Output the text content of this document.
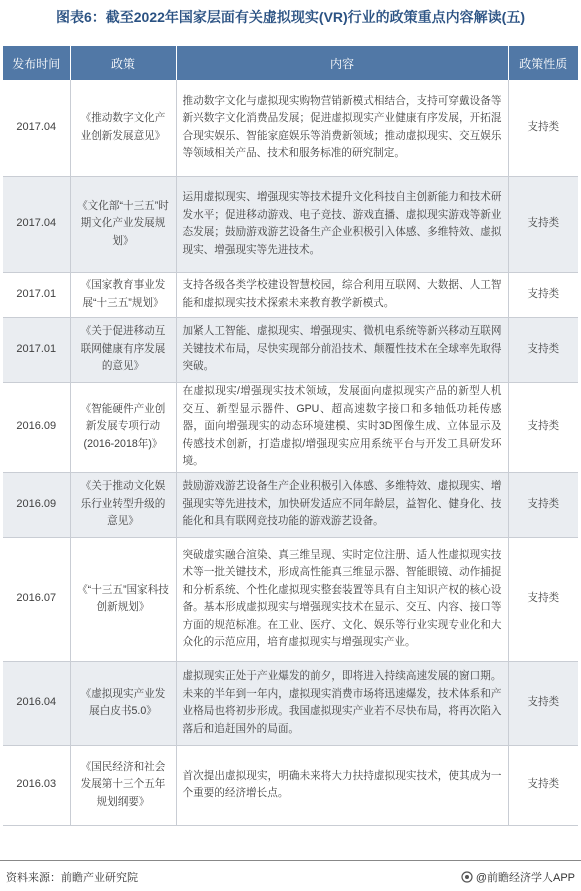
图表6：截至2022年国家层面有关虚拟现实(VR)行业的政策重点内容解读(五)
发布时间	政策	内容	政策性质
2017.04	《推动数字文化产业创新发展意见》	推动数字文化与虚拟现实购物营销新模式相结合，支持可穿戴设备等新兴数字文化消费品发展；促进虚拟现实产业健康有序发展，开拓混合现实娱乐、智能家庭娱乐等消费新领域；推动虚拟现实、交互娱乐等领域相关产品、技术和服务标准的研究制定。	支持类
2017.04	《文化部“十三五”时期文化产业发展规划》	运用虚拟现实、增强现实等技术提升文化科技自主创新能力和技术研发水平；促进移动游戏、电子竞技、游戏直播、虚拟现实游戏等新业态发展；鼓励游戏游艺设备生产企业积极引入体感、多维特效、虚拟现实、增强现实等先进技术。	支持类
2017.01	《国家教育事业发展“十三五”规划》	支持各级各类学校建设智慧校园，综合利用互联网、大数据、人工智能和虚拟现实技术探索未来教育教学新模式。	支持类
2017.01	《关于促进移动互联网健康有序发展的意见》	加紧人工智能、虚拟现实、增强现实、微机电系统等新兴移动互联网关键技术布局，尽快实现部分前沿技术、颠覆性技术在全球率先取得突破。	支持类
2016.09	《智能硬件产业创新发展专项行动(2016-2018年)》	在虚拟现实/增强现实技术领域，发展面向虚拟现实产品的新型人机交互、新型显示器件、GPU、超高速数字接口和多轴低功耗传感器，面向增强现实的动态环境建模、实时3D图像生成、立体显示及传感技术创新，打造虚拟/增强现实应用系统平台与开发工具研发环境。	支持类
2016.09	《关于推动文化娱乐行业转型升级的意见》	鼓励游戏游艺设备生产企业积极引入体感、多维特效、虚拟现实、增强现实等先进技术，加快研发适应不同年龄层，益智化、健身化、技能化和具有联网竞技功能的游戏游艺设备。	支持类
2016.07	《“十三五”国家科技创新规划》	突破虚实融合渲染、真三维呈现、实时定位注册、适人性虚拟现实技术等一批关键技术，形成高性能真三维显示器、智能眼镜、动作捕捉和分析系统、个性化虚拟现实整套装置等具有自主知识产权的核心设备。基本形成虚拟现实与增强现实技术在显示、交互、内容、接口等方面的规范标准。在工业、医疗、文化、娱乐等行业实现专业化和大众化的示范应用，培育虚拟现实与增强现实产业。	支持类
2016.04	《虚拟现实产业发展白皮书5.0》	虚拟现实正处于产业爆发的前夕，即将进入持续高速发展的窗口期。未来的半年到一年内，虚拟现实消费市场将迅速爆发，技术体系和产业格局也将初步形成。我国虚拟现实产业若不尽快布局，将再次陷入落后和追赶国外的局面。	支持类
2016.03	《国民经济和社会发展第十三个五年规划纲要》	首次提出虚拟现实，明确未来将大力扶持虚拟现实技术，使其成为一个重要的经济增长点。	支持类
资料来源：前瞻产业研究院	@前瞻经济学人APP
